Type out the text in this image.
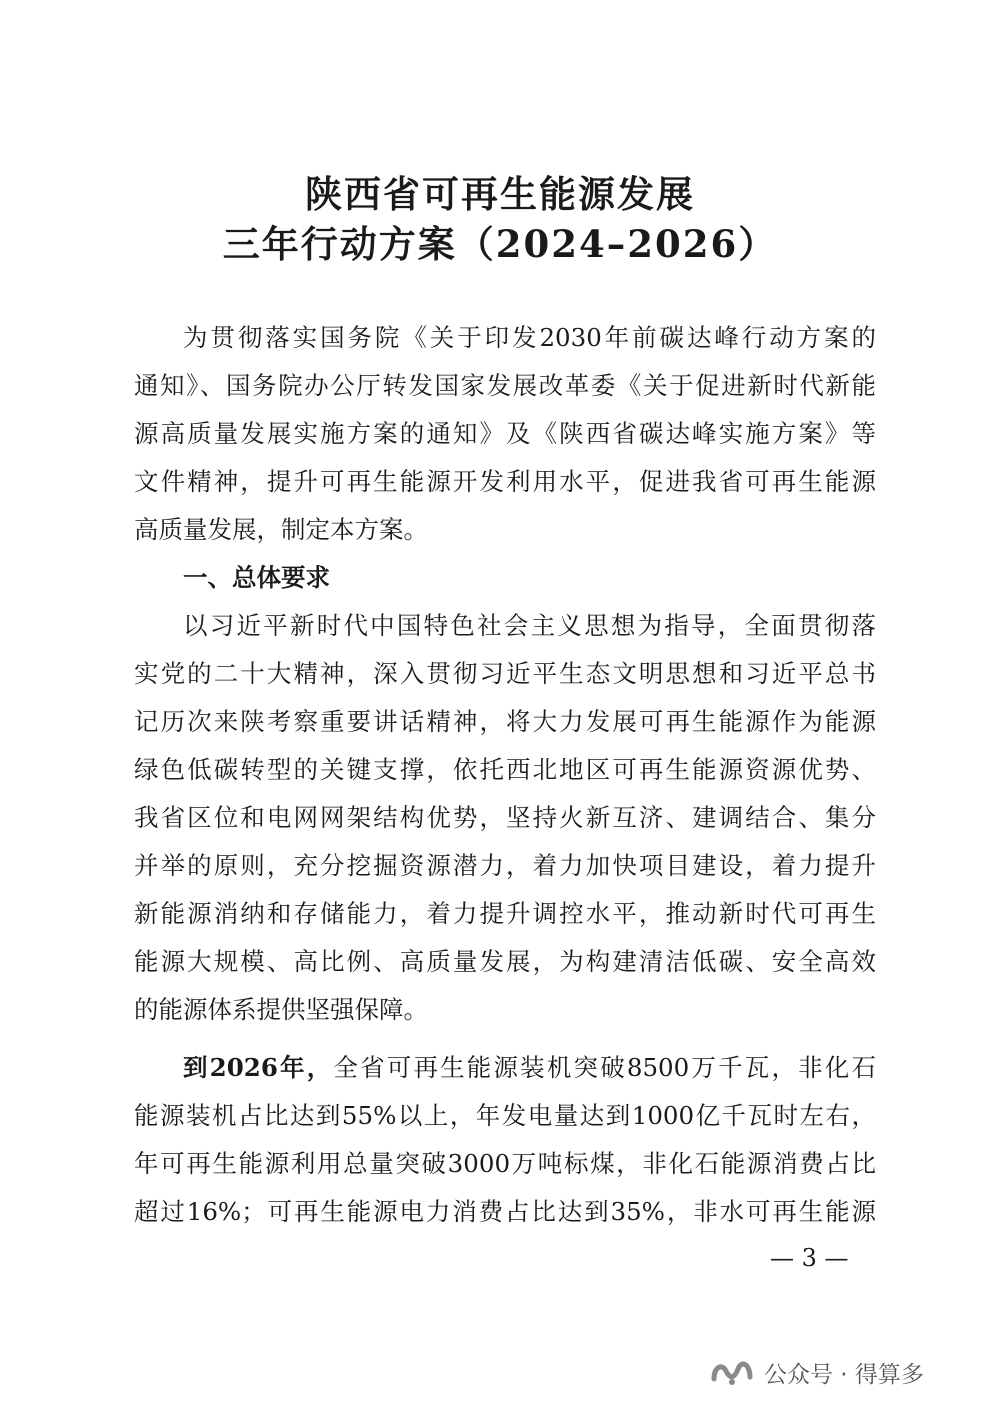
陕西省可再生能源发展
三年行动方案（2024–2026）
为贯彻落实国务院《关于印发2030年前碳达峰行动方案的
通知》、国务院办公厅转发国家发展改革委《关于促进新时代新能
源高质量发展实施方案的通知》及《陕西省碳达峰实施方案》等
文件精神，提升可再生能源开发利用水平，促进我省可再生能源
高质量发展，制定本方案。
一、总体要求
以习近平新时代中国特色社会主义思想为指导，全面贯彻落
实党的二十大精神，深入贯彻习近平生态文明思想和习近平总书
记历次来陕考察重要讲话精神，将大力发展可再生能源作为能源
绿色低碳转型的关键支撑，依托西北地区可再生能源资源优势、
我省区位和电网网架结构优势，坚持火新互济、建调结合、集分
并举的原则，充分挖掘资源潜力，着力加快项目建设，着力提升
新能源消纳和存储能力，着力提升调控水平，推动新时代可再生
能源大规模、高比例、高质量发展，为构建清洁低碳、安全高效
的能源体系提供坚强保障。
到2026年，全省可再生能源装机突破8500万千瓦，非化石
能源装机占比达到55%以上，年发电量达到1000亿千瓦时左右，
年可再生能源利用总量突破3000万吨标煤，非化石能源消费占比
超过16%；可再生能源电力消费占比达到35%，非水可再生能源
— 3 —
公众号 · 得算多
